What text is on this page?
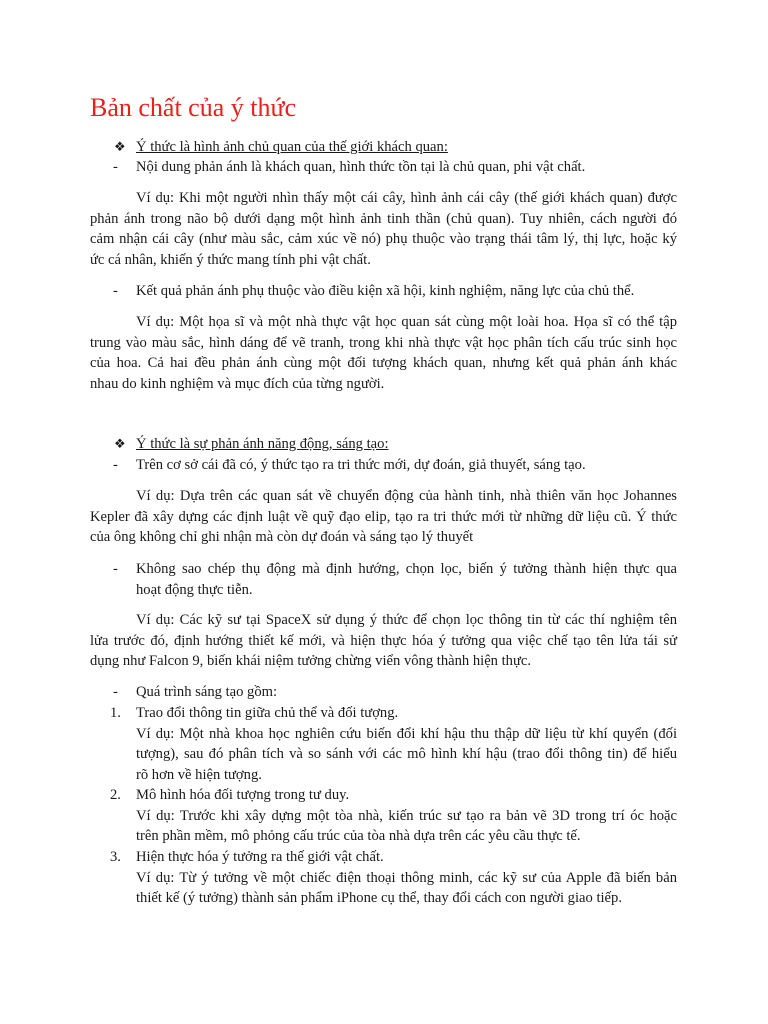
Bản chất của ý thức
❖ Ý thức là hình ảnh chủ quan của thế giới khách quan:
- Nội dung phản ánh là khách quan, hình thức tồn tại là chủ quan, phi vật chất.
Ví dụ: Khi một người nhìn thấy một cái cây, hình ảnh cái cây (thế giới khách quan) được
phản ánh trong não bộ dưới dạng một hình ảnh tinh thần (chủ quan). Tuy nhiên, cách người đó
cảm nhận cái cây (như màu sắc, cảm xúc về nó) phụ thuộc vào trạng thái tâm lý, thị lực, hoặc ký
ức cá nhân, khiến ý thức mang tính phi vật chất.
- Kết quả phản ánh phụ thuộc vào điều kiện xã hội, kinh nghiệm, năng lực của chủ thể.
Ví dụ: Một họa sĩ và một nhà thực vật học quan sát cùng một loài hoa. Họa sĩ có thể tập
trung vào màu sắc, hình dáng để vẽ tranh, trong khi nhà thực vật học phân tích cấu trúc sinh học
của hoa. Cả hai đều phản ánh cùng một đối tượng khách quan, nhưng kết quả phản ánh khác
nhau do kinh nghiệm và mục đích của từng người.
❖ Ý thức là sự phản ánh năng động, sáng tạo:
- Trên cơ sở cái đã có, ý thức tạo ra tri thức mới, dự đoán, giả thuyết, sáng tạo.
Ví dụ: Dựa trên các quan sát về chuyển động của hành tinh, nhà thiên văn học Johannes
Kepler đã xây dựng các định luật về quỹ đạo elip, tạo ra tri thức mới từ những dữ liệu cũ. Ý thức
của ông không chỉ ghi nhận mà còn dự đoán và sáng tạo lý thuyết
- Không sao chép thụ động mà định hướng, chọn lọc, biến ý tưởng thành hiện thực qua
hoạt động thực tiễn.
Ví dụ: Các kỹ sư tại SpaceX sử dụng ý thức để chọn lọc thông tin từ các thí nghiệm tên
lửa trước đó, định hướng thiết kế mới, và hiện thực hóa ý tưởng qua việc chế tạo tên lửa tái sử
dụng như Falcon 9, biến khái niệm tưởng chừng viển vông thành hiện thực.
- Quá trình sáng tạo gồm:
1. Trao đổi thông tin giữa chủ thể và đối tượng.
Ví dụ: Một nhà khoa học nghiên cứu biến đổi khí hậu thu thập dữ liệu từ khí quyển (đối
tượng), sau đó phân tích và so sánh với các mô hình khí hậu (trao đổi thông tin) để hiểu
rõ hơn về hiện tượng.
2. Mô hình hóa đối tượng trong tư duy.
Ví dụ: Trước khi xây dựng một tòa nhà, kiến trúc sư tạo ra bản vẽ 3D trong trí óc hoặc
trên phần mềm, mô phỏng cấu trúc của tòa nhà dựa trên các yêu cầu thực tế.
3. Hiện thực hóa ý tưởng ra thế giới vật chất.
Ví dụ: Từ ý tưởng về một chiếc điện thoại thông minh, các kỹ sư của Apple đã biến bản
thiết kế (ý tưởng) thành sản phẩm iPhone cụ thể, thay đổi cách con người giao tiếp.
